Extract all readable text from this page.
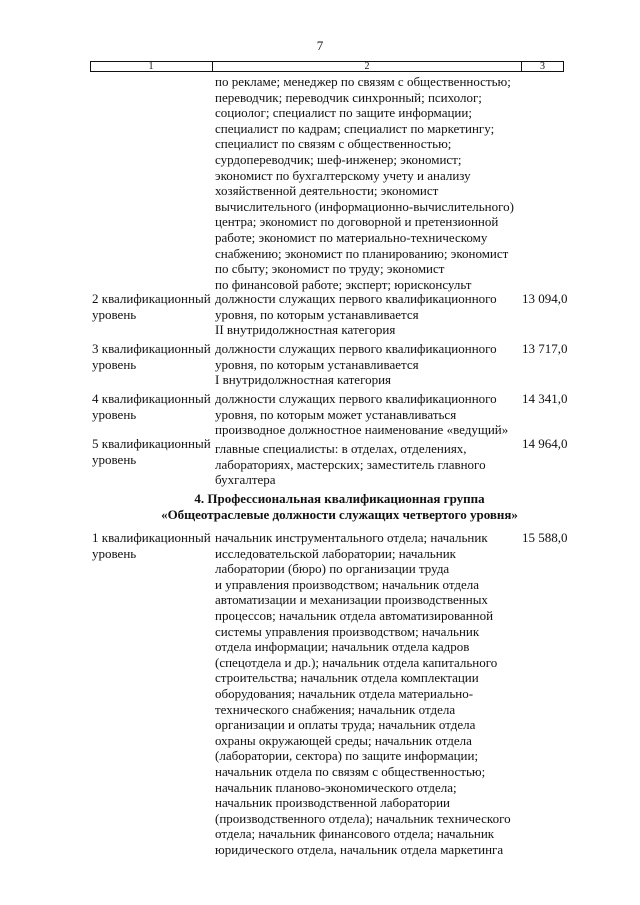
7
1	2	3
по рекламе; менеджер по связям с общественностью;
переводчик; переводчик синхронный; психолог;
социолог; специалист по защите информации;
специалист по кадрам; специалист по маркетингу;
специалист по связям с общественностью;
сурдопереводчик; шеф-инженер; экономист;
экономист по бухгалтерскому учету и анализу
хозяйственной деятельности; экономист
вычислительного (информационно-вычислительного)
центра; экономист по договорной и претензионной
работе; экономист по материально-техническому
снабжению; экономист по планированию; экономист
по сбыту; экономист по труду; экономист
по финансовой работе; эксперт; юрисконсульт
2 квалификационный
уровень
должности служащих первого квалификационного
уровня, по которым устанавливается
II внутридолжностная категория
13 094,0
3 квалификационный
уровень
должности служащих первого квалификационного
уровня, по которым устанавливается
I внутридолжностная категория
13 717,0
4 квалификационный
уровень
должности служащих первого квалификационного
уровня, по которым может устанавливаться
производное должностное наименование «ведущий»
14 341,0
5 квалификационный
уровень
главные специалисты: в отделах, отделениях,
лабораториях, мастерских; заместитель главного
бухгалтера
14 964,0
4. Профессиональная квалификационная группа
«Общеотраслевые должности служащих четвертого уровня»
1 квалификационный
уровень
начальник инструментального отдела; начальник
исследовательской лаборатории; начальник
лаборатории (бюро) по организации труда
и управления производством; начальник отдела
автоматизации и механизации производственных
процессов; начальник отдела автоматизированной
системы управления производством; начальник
отдела информации; начальник отдела кадров
(спецотдела и др.); начальник отдела капитального
строительства; начальник отдела комплектации
оборудования; начальник отдела материально-
технического снабжения; начальник отдела
организации и оплаты труда; начальник отдела
охраны окружающей среды; начальник отдела
(лаборатории, сектора) по защите информации;
начальник отдела по связям с общественностью;
начальник планово-экономического отдела;
начальник производственной лаборатории
(производственного отдела); начальник технического
отдела; начальник финансового отдела; начальник
юридического отдела, начальник отдела маркетинга
15 588,0
